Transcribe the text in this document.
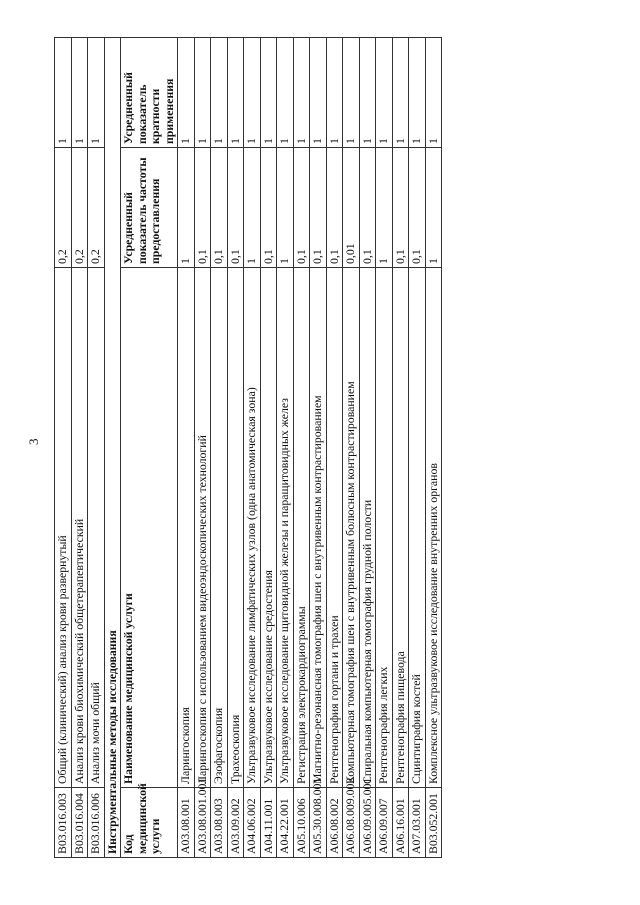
3
B03.016.003	Общий (клинический) анализ крови развернутый	0,2	1
B03.016.004	Анализ крови биохимический общетерапевтический	0,2	1
B03.016.006	Анализ мочи общий	0,2	1
Инструментальные методы исследования			
Код медицинской услуги	Наименование медицинской услуги	Усредненный показатель частоты предоставления	Усредненный показатель кратности применения
A03.08.001	Ларингоскопия	1	1
A03.08.001.001	Ларингоскопия с использованием видеоэндоскопических технологий	0,1	1
A03.08.003	Эзофагоскопия	0,1	1
A03.09.002	Трахеоскопия	0,1	1
A04.06.002	Ультразвуковое исследование лимфатических узлов (одна анатомическая зона)	1	1
A04.11.001	Ультразвуковое исследование средостения	0,1	1
A04.22.001	Ультразвуковое исследование щитовидной железы и паращитовидных желез	1	1
A05.10.006	Регистрация электрокардиограммы	0,1	1
A05.30.008.001	Магнитно-резонансная томография шеи с внутривенным контрастированием	0,1	1
A06.08.002	Рентгенография гортани и трахеи	0,1	1
A06.08.009.002	Компьютерная томография шеи с внутривенным болюсным контрастированием	0,01	1
A06.09.005.001	Спиральная компьютерная томография грудной полости	0,1	1
A06.09.007	Рентгенография легких	1	1
A06.16.001	Рентгенография пищевода	0,1	1
A07.03.001	Сцинтиграфия костей	0,1	1
B03.052.001	Комплексное ультразвуковое исследование внутренних органов	1	1
